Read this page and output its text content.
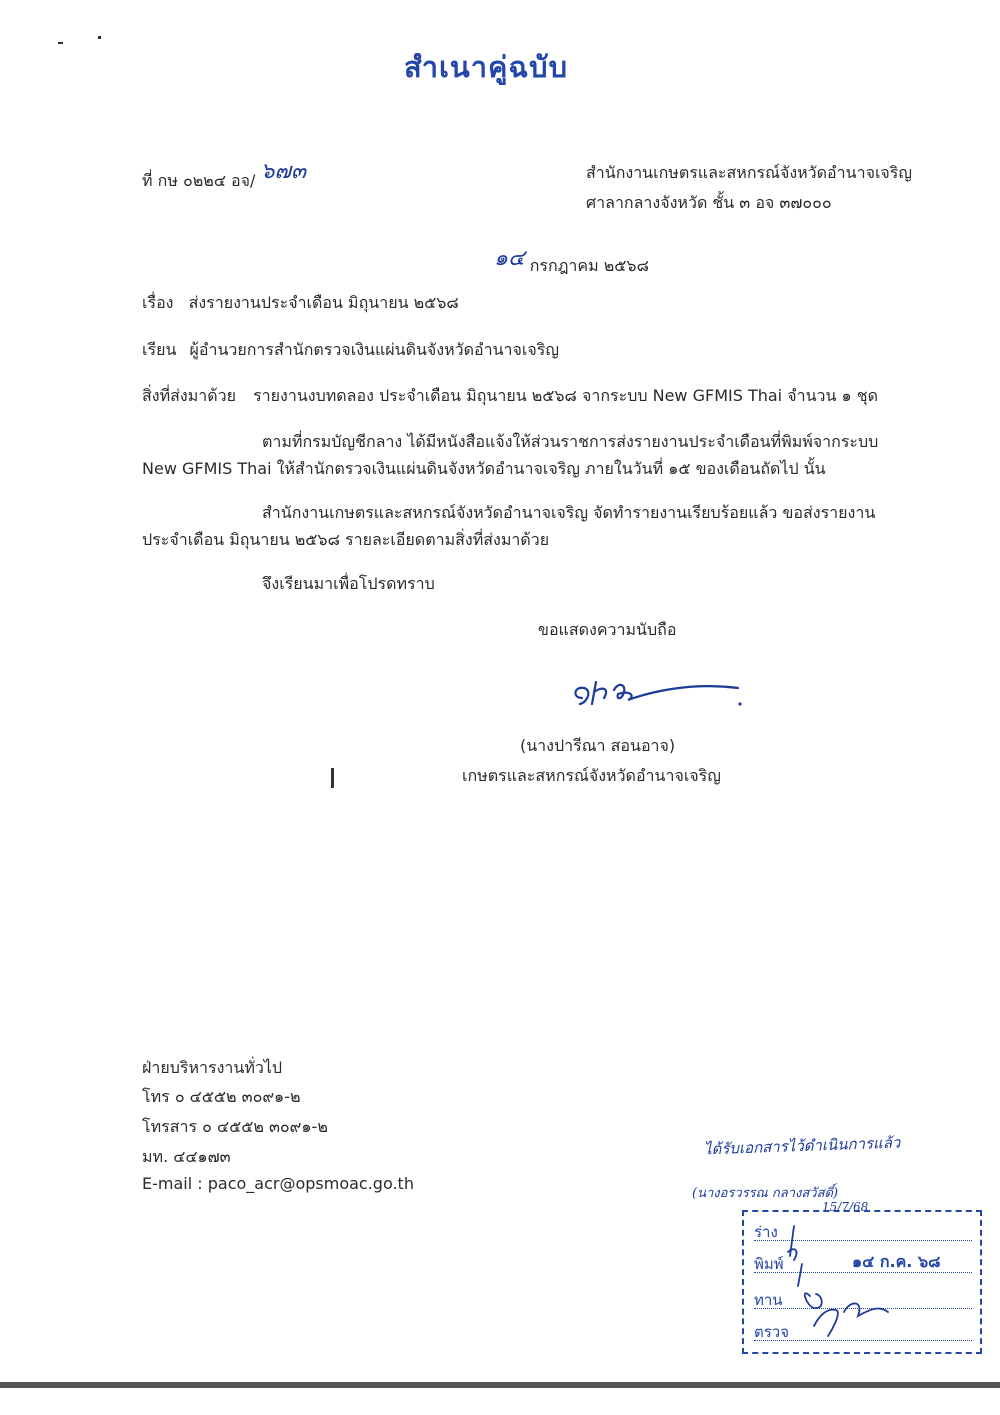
สำเนาคู่ฉบับ
ที่ กษ ๐๒๒๔ อจ/ ๖๗๓	สำนักงานเกษตรและสหกรณ์จังหวัดอำนาจเจริญ
ศาลากลางจังหวัด ชั้น ๓ อจ ๓๗๐๐๐
๑๔ กรกฎาคม ๒๕๖๘
เรื่อง ส่งรายงานประจำเดือน มิถุนายน ๒๕๖๘
เรียน ผู้อำนวยการสำนักตรวจเงินแผ่นดินจังหวัดอำนาจเจริญ
สิ่งที่ส่งมาด้วย รายงานงบทดลอง ประจำเดือน มิถุนายน ๒๕๖๘ จากระบบ New GFMIS Thai จำนวน ๑ ชุด
ตามที่กรมบัญชีกลาง ได้มีหนังสือแจ้งให้ส่วนราชการส่งรายงานประจำเดือนที่พิมพ์จากระบบ
New GFMIS Thai ให้สำนักตรวจเงินแผ่นดินจังหวัดอำนาจเจริญ ภายในวันที่ ๑๕ ของเดือนถัดไป นั้น
สำนักงานเกษตรและสหกรณ์จังหวัดอำนาจเจริญ จัดทำรายงานเรียบร้อยแล้ว ขอส่งรายงาน
ประจำเดือน มิถุนายน ๒๕๖๘ รายละเอียดตามสิ่งที่ส่งมาด้วย
จึงเรียนมาเพื่อโปรดทราบ
ขอแสดงความนับถือ
(นางปารีณา สอนอาจ)
เกษตรและสหกรณ์จังหวัดอำนาจเจริญ
ฝ่ายบริหารงานทั่วไป
โทร ๐ ๔๕๕๒ ๓๐๙๑-๒
โทรสาร ๐ ๔๕๕๒ ๓๐๙๑-๒
มท. ๔๔๑๗๓
E-mail : paco_acr@opsmoac.go.th
ได้รับเอกสารไว้ดำเนินการแล้ว
(นางอรวรรณ กลางสวัสดิ์)
15/7/68
ร่าง
พิมพ์	๑๔ ก.ค. ๖๘
ทาน
ตรวจ
